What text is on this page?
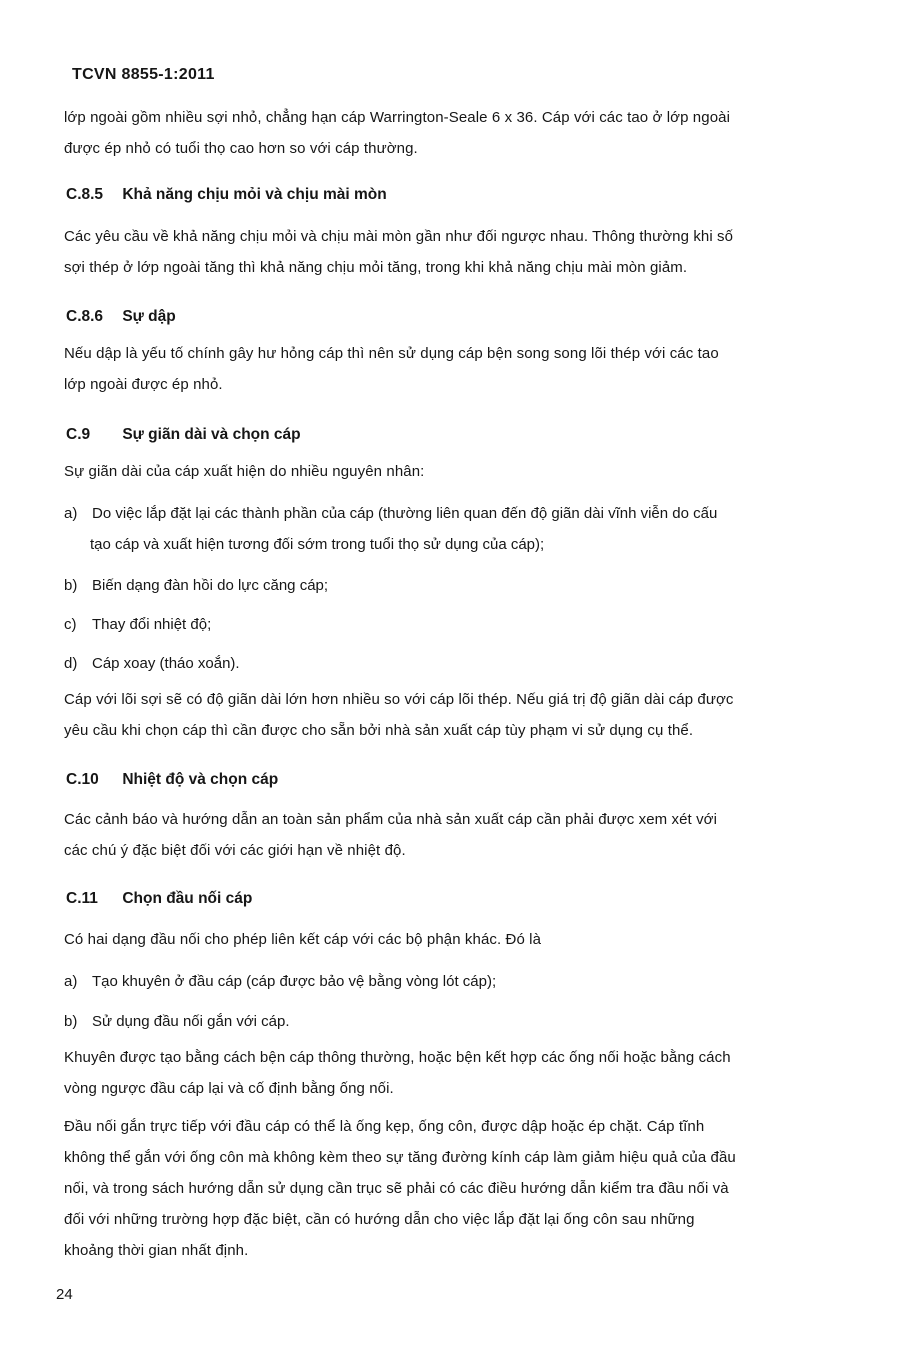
TCVN 8855-1:2011
lớp ngoài gồm nhiều sợi nhỏ, chẳng hạn cáp Warrington-Seale 6 x 36. Cáp với các tao ở lớp ngoài
được ép nhỏ có tuổi thọ cao hơn so với cáp thường.
C.8.5 Khả năng chịu mỏi và chịu mài mòn
Các yêu cầu về khả năng chịu mỏi và chịu mài mòn gần như đối ngược nhau. Thông thường khi số
sợi thép ở lớp ngoài tăng thì khả năng chịu mỏi tăng, trong khi khả năng chịu mài mòn giảm.
C.8.6 Sự dập
Nếu dập là yếu tố chính gây hư hỏng cáp thì nên sử dụng cáp bện song song lõi thép với các tao
lớp ngoài được ép nhỏ.
C.9 Sự giãn dài và chọn cáp
Sự giãn dài của cáp xuất hiện do nhiều nguyên nhân:
a) Do việc lắp đặt lại các thành phần của cáp (thường liên quan đến độ giãn dài vĩnh viễn do cấu
tạo cáp và xuất hiện tương đối sớm trong tuổi thọ sử dụng của cáp);
b) Biến dạng đàn hồi do lực căng cáp;
c) Thay đổi nhiệt độ;
d) Cáp xoay (tháo xoắn).
Cáp với lõi sợi sẽ có độ giãn dài lớn hơn nhiều so với cáp lõi thép. Nếu giá trị độ giãn dài cáp được
yêu cầu khi chọn cáp thì cần được cho sẵn bởi nhà sản xuất cáp tùy phạm vi sử dụng cụ thể.
C.10 Nhiệt độ và chọn cáp
Các cảnh báo và hướng dẫn an toàn sản phẩm của nhà sản xuất cáp cần phải được xem xét với
các chú ý đặc biệt đối với các giới hạn về nhiệt độ.
C.11 Chọn đầu nối cáp
Có hai dạng đầu nối cho phép liên kết cáp với các bộ phận khác. Đó là
a) Tạo khuyên ở đầu cáp (cáp được bảo vệ bằng vòng lót cáp);
b) Sử dụng đầu nối gắn với cáp.
Khuyên được tạo bằng cách bện cáp thông thường, hoặc bện kết hợp các ống nối hoặc bằng cách
vòng ngược đầu cáp lại và cố định bằng ống nối.
Đầu nối gắn trực tiếp với đầu cáp có thể là ống kẹp, ống côn, được dập hoặc ép chặt. Cáp tĩnh
không thể gắn với ống côn mà không kèm theo sự tăng đường kính cáp làm giảm hiệu quả của đầu
nối, và trong sách hướng dẫn sử dụng cần trục sẽ phải có các điều hướng dẫn kiểm tra đầu nối và
đối với những trường hợp đặc biệt, cần có hướng dẫn cho việc lắp đặt lại ống côn sau những
khoảng thời gian nhất định.
24
